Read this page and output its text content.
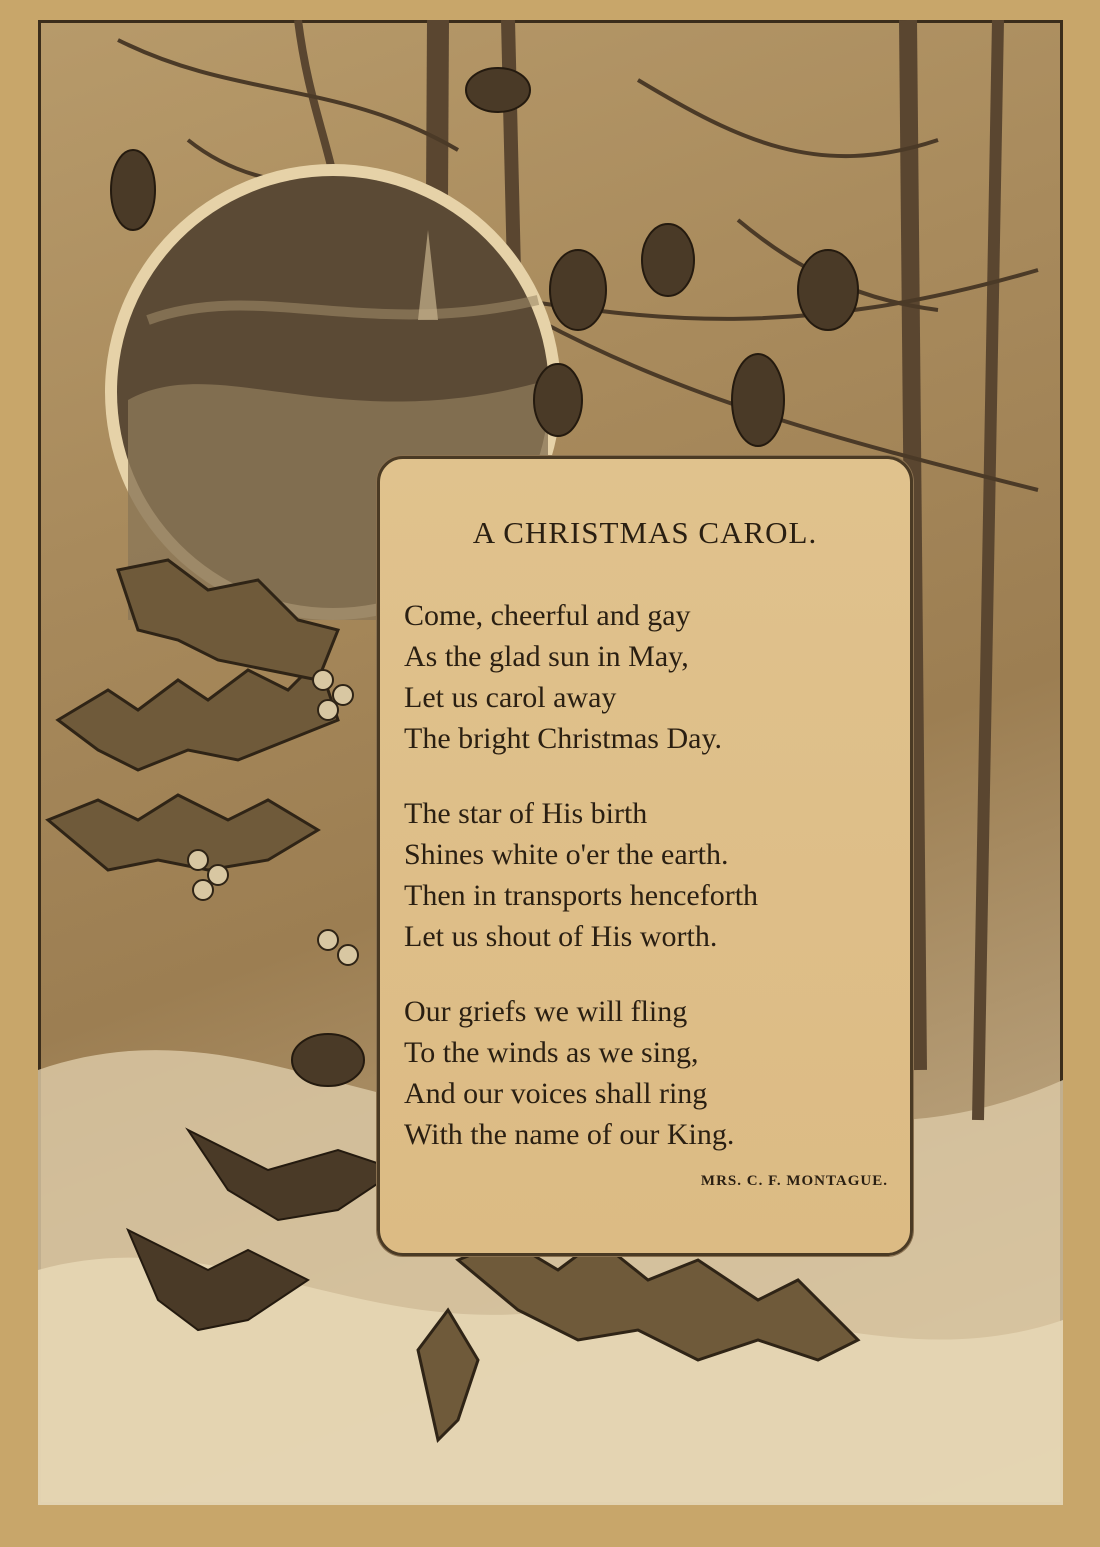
A CHRISTMAS CAROL.
Come, cheerful and gay
As the glad sun in May,
Let us carol away
The bright Christmas Day.
The star of His birth
Shines white o'er the earth.
Then in transports henceforth
Let us shout of His worth.
Our griefs we will fling
To the winds as we sing,
And our voices shall ring
With the name of our King.
MRS. C. F. MONTAGUE.
